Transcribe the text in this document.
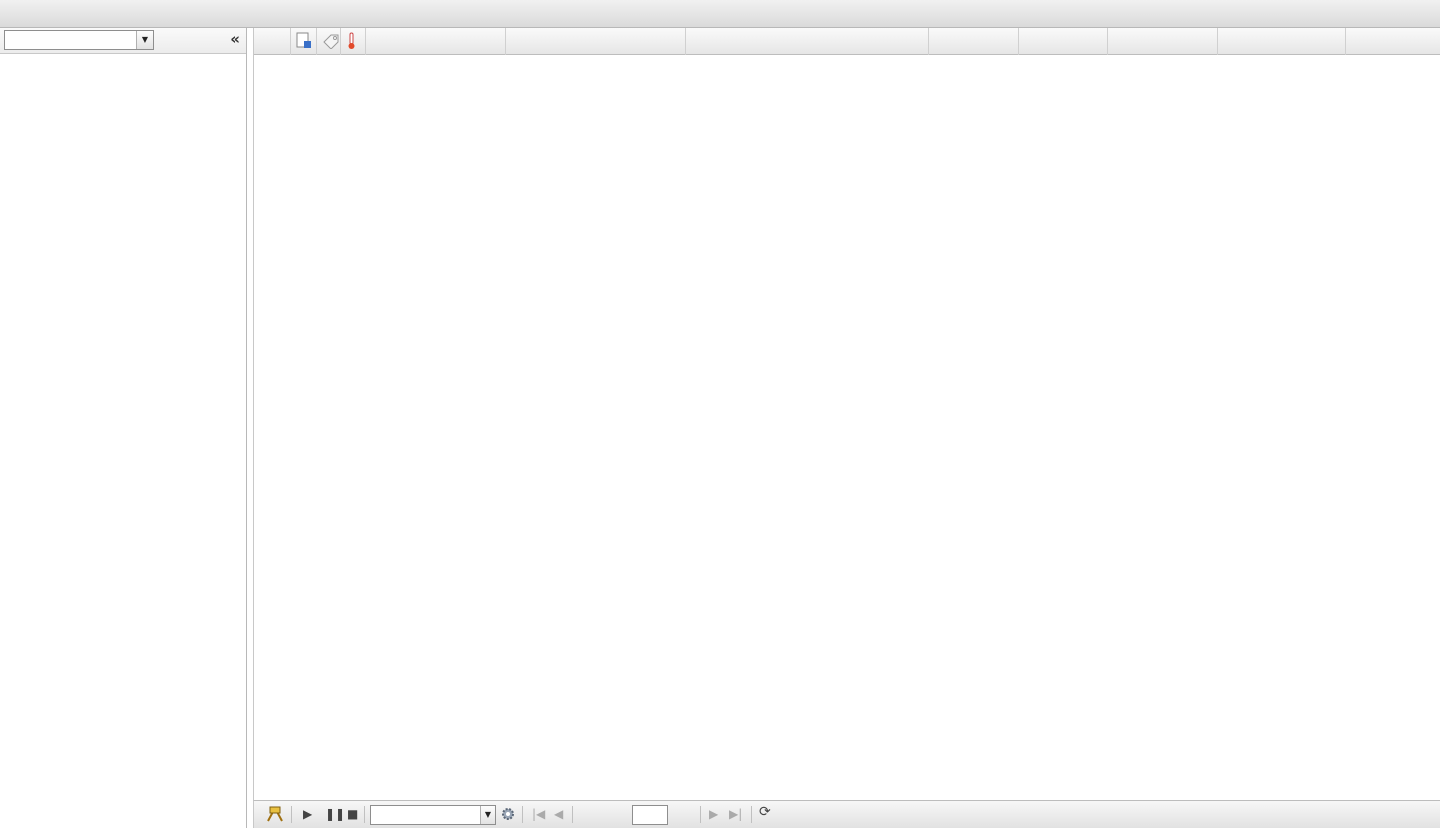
▼	«
▶ ❚❚ ■	▼	|◀ ◀	▶ ▶| ⟳
